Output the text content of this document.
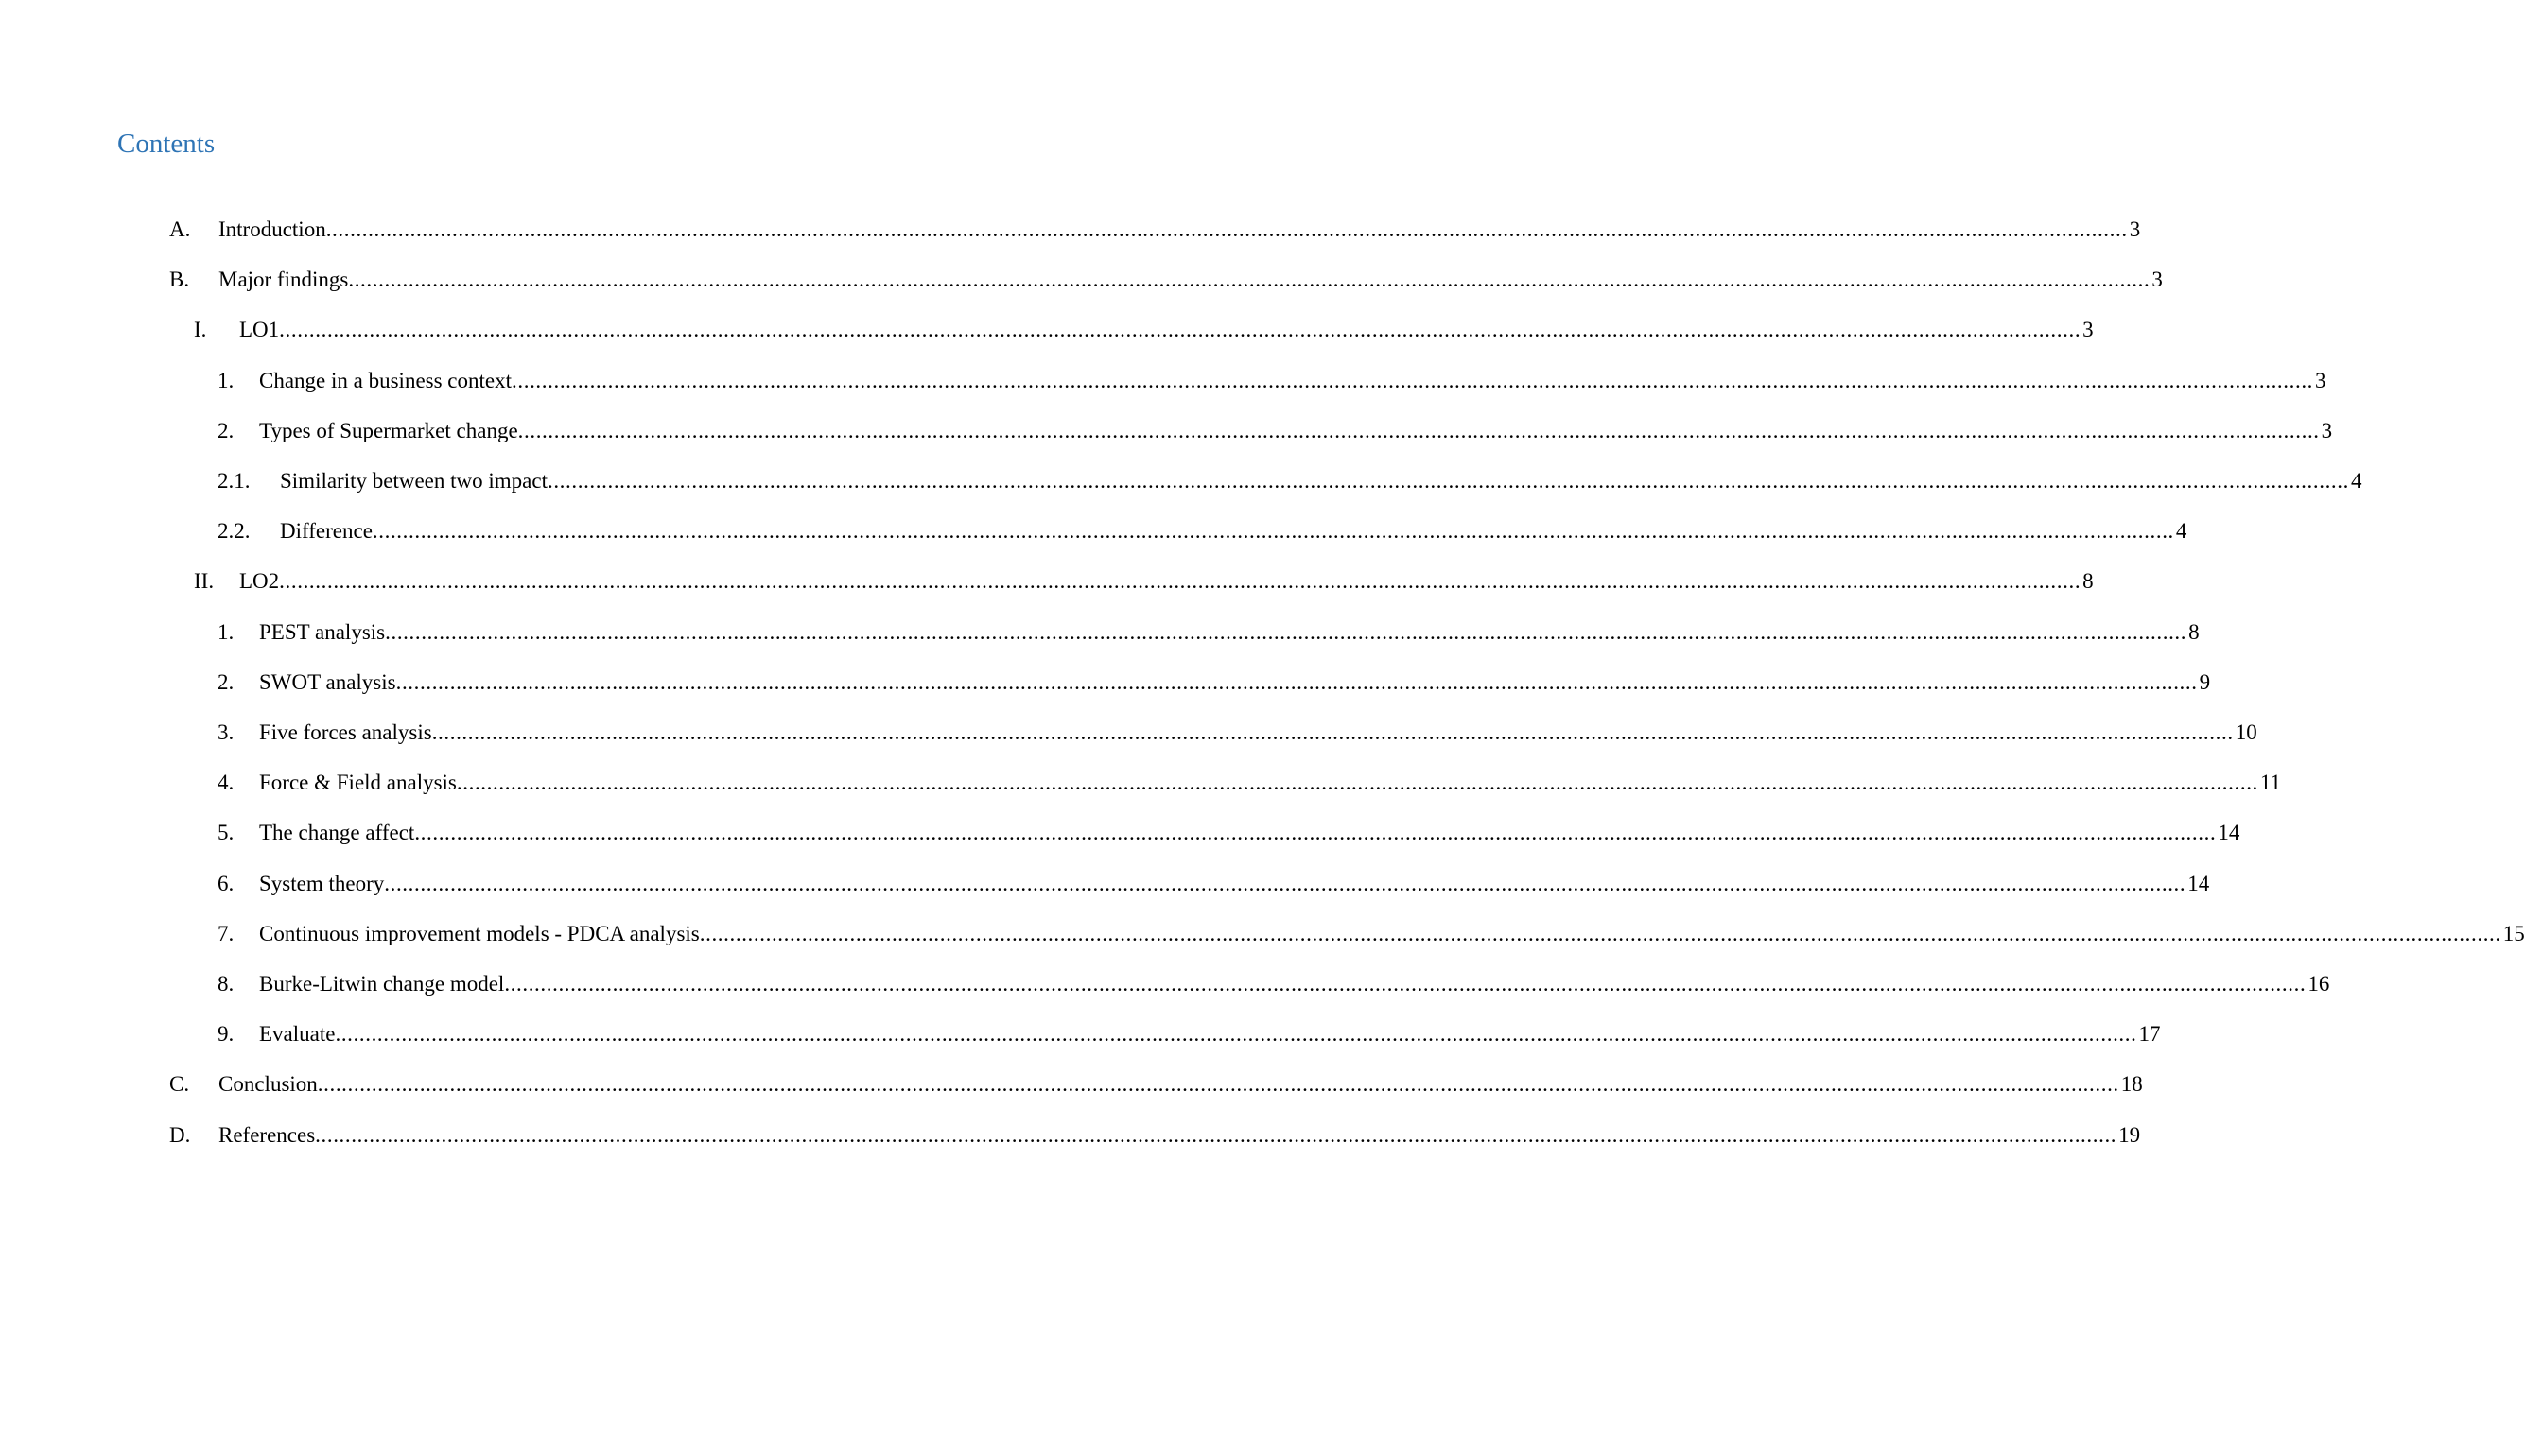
Contents
A. Introduction ............................................................................................................................................................................................................................................................................................................ 3
B. Major findings ............................................................................................................................................................................................................................................................................................................ 3
I. LO1 ............................................................................................................................................................................................................................................................................................................ 3
1. Change in a business context ............................................................................................................................................................................................................................................................................................................ 3
2. Types of Supermarket change ............................................................................................................................................................................................................................................................................................................ 3
2.1. Similarity between two impact ............................................................................................................................................................................................................................................................................................................ 4
2.2. Difference ............................................................................................................................................................................................................................................................................................................ 4
II. LO2 ............................................................................................................................................................................................................................................................................................................ 8
1. PEST analysis ............................................................................................................................................................................................................................................................................................................ 8
2. SWOT analysis ............................................................................................................................................................................................................................................................................................................ 9
3. Five forces analysis ............................................................................................................................................................................................................................................................................................................ 10
4. Force & Field analysis ............................................................................................................................................................................................................................................................................................................ 11
5. The change affect ............................................................................................................................................................................................................................................................................................................ 14
6. System theory ............................................................................................................................................................................................................................................................................................................ 14
7. Continuous improvement models - PDCA analysis ............................................................................................................................................................................................................................................................................................................ 15
8. Burke-Litwin change model ............................................................................................................................................................................................................................................................................................................ 16
9. Evaluate ............................................................................................................................................................................................................................................................................................................ 17
C. Conclusion ............................................................................................................................................................................................................................................................................................................ 18
D. References ............................................................................................................................................................................................................................................................................................................ 19
